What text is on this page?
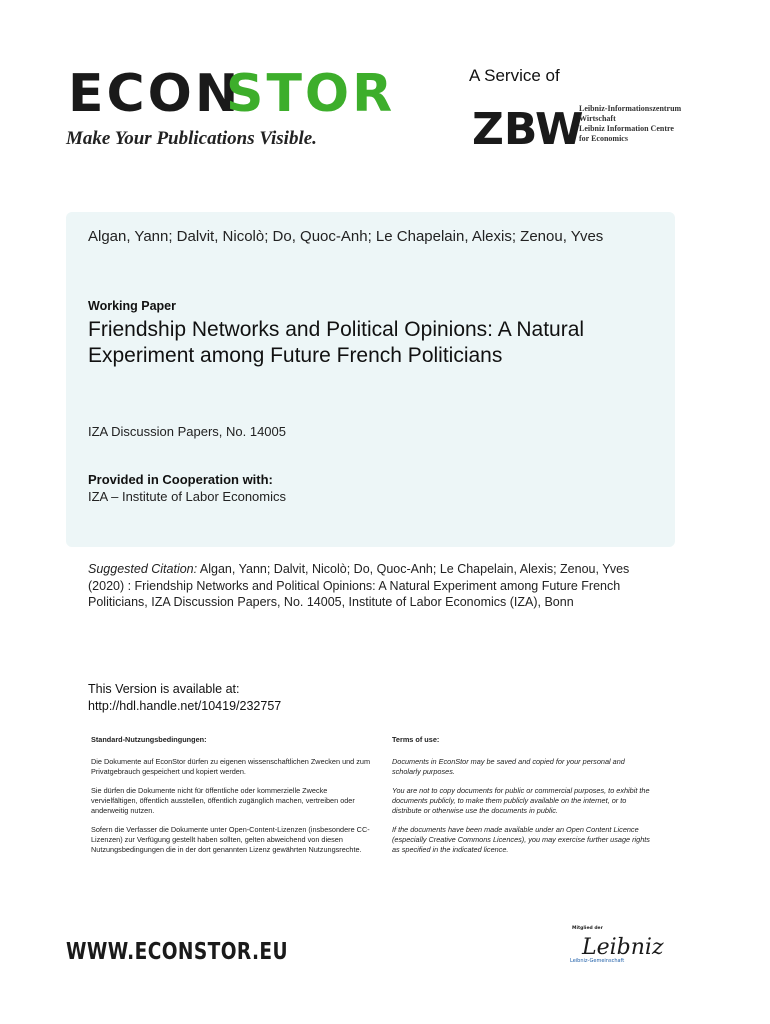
ECON
STOR
Make Your Publications Visible.
A Service of
ZBW
Leibniz-Informationszentrum
Wirtschaft
Leibniz Information Centre
for Economics
Algan, Yann; Dalvit, Nicolò; Do, Quoc-Anh; Le Chapelain, Alexis; Zenou, Yves
Working Paper
Friendship Networks and Political Opinions: A Natural Experiment among Future French Politicians
IZA Discussion Papers, No. 14005
Provided in Cooperation with:
IZA – Institute of Labor Economics
Suggested Citation: Algan, Yann; Dalvit, Nicolò; Do, Quoc-Anh; Le Chapelain, Alexis; Zenou, Yves (2020) : Friendship Networks and Political Opinions: A Natural Experiment among Future French Politicians, IZA Discussion Papers, No. 14005, Institute of Labor Economics (IZA), Bonn
This Version is available at:
http://hdl.handle.net/10419/232757
Standard-Nutzungsbedingungen:

Die Dokumente auf EconStor dürfen zu eigenen wissenschaftlichen Zwecken und zum Privatgebrauch gespeichert und kopiert werden.

Sie dürfen die Dokumente nicht für öffentliche oder kommerzielle Zwecke vervielfältigen, öffentlich ausstellen, öffentlich zugänglich machen, vertreiben oder anderweitig nutzen.

Sofern die Verfasser die Dokumente unter Open-Content-Lizenzen (insbesondere CC-Lizenzen) zur Verfügung gestellt haben sollten, gelten abweichend von diesen Nutzungsbedingungen die in der dort genannten Lizenz gewährten Nutzungsrechte.

Terms of use:

Documents in EconStor may be saved and copied for your personal and scholarly purposes.

You are not to copy documents for public or commercial purposes, to exhibit the documents publicly, to make them publicly available on the internet, or to distribute or otherwise use the documents in public.

If the documents have been made available under an Open Content Licence (especially Creative Commons Licences), you may exercise further usage rights as specified in the indicated licence.

WWW.ECONSTOR.EU
Mitglied der
Leibniz
Leibniz-Gemeinschaft
